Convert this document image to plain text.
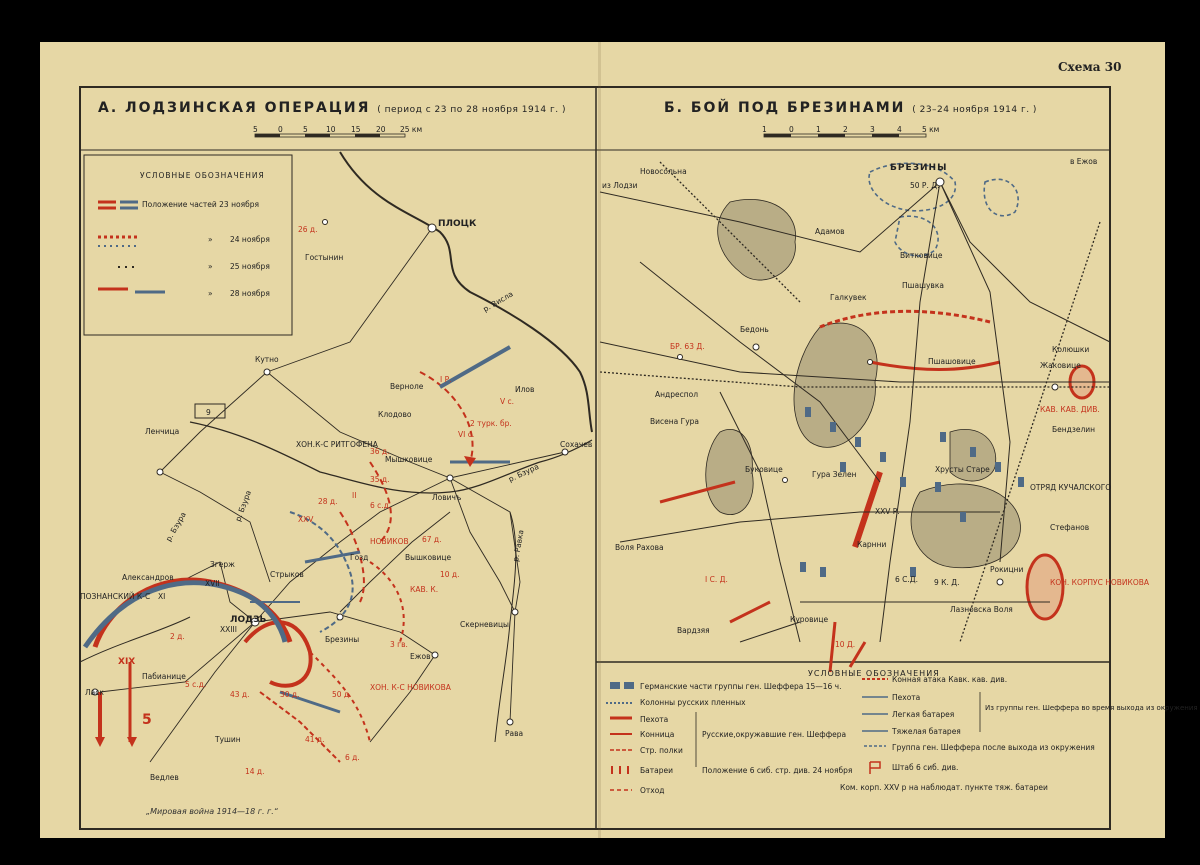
Схема 30
УСЛОВНЫЕ ОБОЗНАЧЕНИЯ
Положение частей 23 ноября
» 24 ноября
» 25 ноября
» 28 ноября
ПЛОЦК
Гостынин
Кутно
Ленчица
Ловичъ
Сохачев
Скерневицы
Рава
ЛОДЗЬ
Брезины
Ласк
Тушин
Ведлев
Вышковице
Гозд
Стрыков
Згерж
Александров
Пабианице
Ежов
Илов
Верноле
Клодово
Мышковице
р. Висла
р. Бзура
р. Равка
р. Бзура
р. Бзура
ХОН.К-С РИТГОФЕНА
НОВИКОВ
КАВ. К.
ХОН. К-С НОВИКОВА
ПОЗНАНСКИЙ К-С
XIX
5
XXV
XVII
XI
II
VI с.
V с.
I Р.
9
XXIII
2 д.
5 с.д.
2 турк. бр.
67 д.
36 д.
14 д.
43 д.
28 д.
30 д.
26 д.
50 д.
6 с.д.
41 д.
35 д.
3 гв.
6 д.
10 д.
БРЕЗИНЫ
Новосольна
Адамов
Витковице
Пшашувка
Галкувек
Бедонь
Пшашовице
Андреспол
Висена Гура
Буковице
Гура Зелен
Хрусты Старе
Воля Рахова
Куровице
Вардзяя
Карнни
Лазновска Воля
Рокицни
Стефанов
Бендзелин
Колюшки
Жаковице
из Лодзи
в Ежов
ОТРЯД КУЧАЛСКОГО
КАВ. КАВ. ДИВ.
КОН. КОРПУС НОВИКОВА
XXV Р.
I С. Д.	6 С.Д. 9 К. Д.
БР. 63 Д.
50 Р. Д.
10 Д.
УСЛОВНЫЕ ОБОЗНАЧЕНИЯ
Германские части группы ген. Шеффера 15—16 ч.
Колонны русских пленных
Пехота
Конница
Стр. полки
Батареи
Отход
Русские,окружавшие ген. Шеффера
Положение 6 сиб. стр. див. 24 ноября
Конная атака Кавк. кав. див.
Пехота
Легкая батарея
Тяжелая батарея
Группа ген. Шеффера после выхода из окружения
Штаб 6 сиб. див.
Ком. корп. XXV р на наблюдат. пункте тяж. батареи
Из группы ген. Шеффера во время выхода из окружения
5	0	5 10 15 20 25 км	1	0	1	2	3	4	5 км
А. ЛОДЗИНСКАЯ ОПЕРАЦИЯ ( период с 23 по 28 ноября 1914 г. )	Б. БОЙ ПОД БРЕЗИНАМИ ( 23–24 ноября 1914 г. )
„Мировая война 1914—18 г. г.“
